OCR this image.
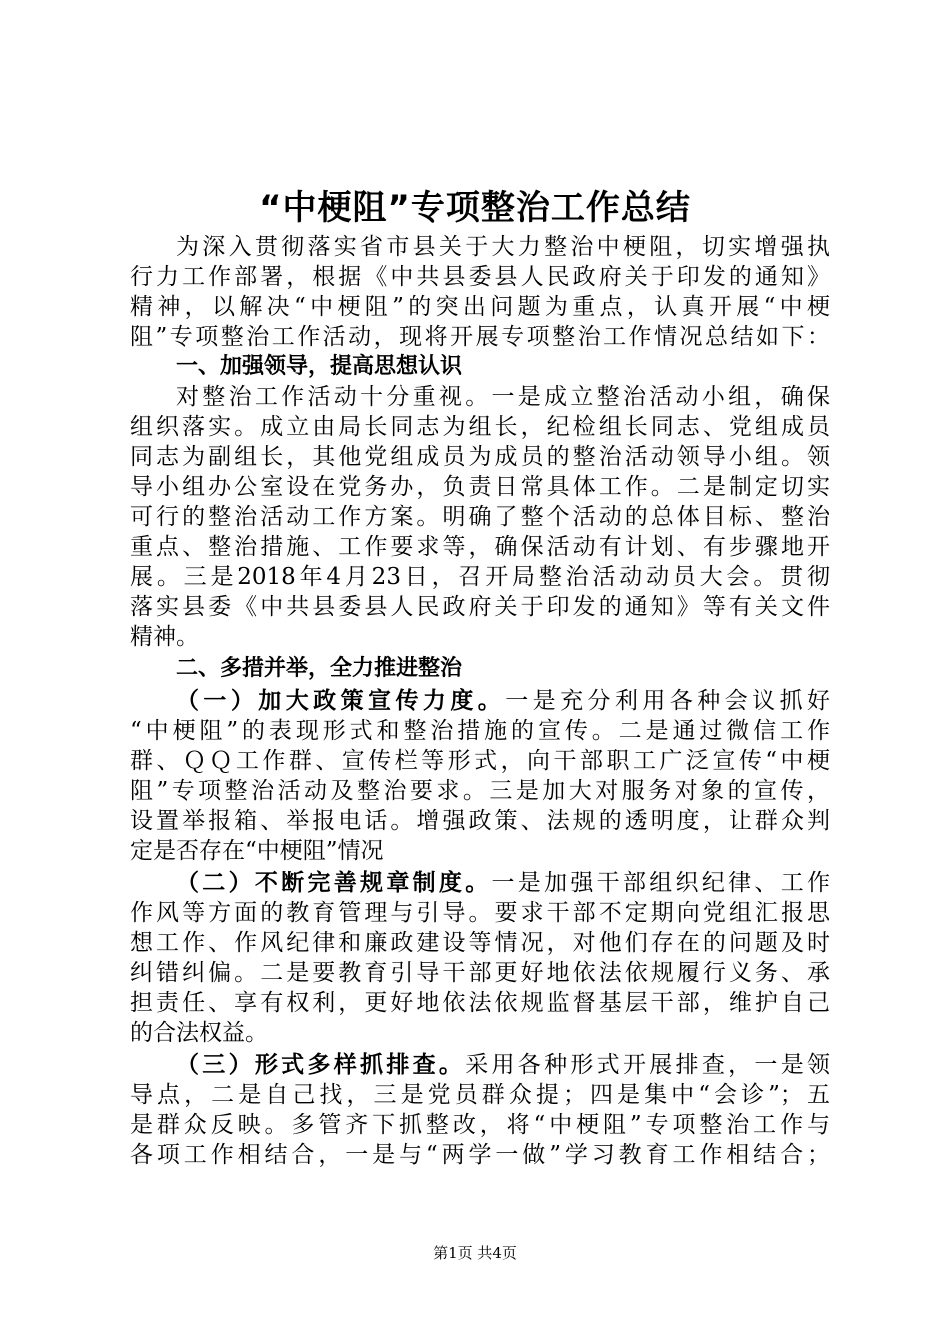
“中梗阻”专项整治工作总结
为深入贯彻落实省市县关于大力整治中梗阻，切实增强执
行力工作部署，根据《中共县委县人民政府关于印发的通知》
精神，以解决“中梗阻”的突出问题为重点，认真开展“中梗
阻”专项整治工作活动，现将开展专项整治工作情况总结如下：
一、加强领导，提高思想认识
对整治工作活动十分重视。一是成立整治活动小组，确保
组织落实。成立由局长同志为组长，纪检组长同志、党组成员
同志为副组长，其他党组成员为成员的整治活动领导小组。领
导小组办公室设在党务办，负责日常具体工作。二是制定切实
可行的整治活动工作方案。明确了整个活动的总体目标、整治
重点、整治措施、工作要求等，确保活动有计划、有步骤地开
展。三是2018年4月23日，召开局整治活动动员大会。贯彻
落实县委《中共县委县人民政府关于印发的通知》等有关文件
精神。
二、多措并举，全力推进整治
（一）加大政策宣传力度。一是充分利用各种会议抓好
“中梗阻”的表现形式和整治措施的宣传。二是通过微信工作
群、ＱＱ工作群、宣传栏等形式，向干部职工广泛宣传“中梗
阻”专项整治活动及整治要求。三是加大对服务对象的宣传，
设置举报箱、举报电话。增强政策、法规的透明度，让群众判
定是否存在“中梗阻”情况
（二）不断完善规章制度。一是加强干部组织纪律、工作
作风等方面的教育管理与引导。要求干部不定期向党组汇报思
想工作、作风纪律和廉政建设等情况，对他们存在的问题及时
纠错纠偏。二是要教育引导干部更好地依法依规履行义务、承
担责任、享有权利，更好地依法依规监督基层干部，维护自己
的合法权益。
（三）形式多样抓排查。采用各种形式开展排查，一是领
导点，二是自己找，三是党员群众提；四是集中“会诊”；五
是群众反映。多管齐下抓整改，将“中梗阻”专项整治工作与
各项工作相结合，一是与“两学一做”学习教育工作相结合；
第1页 共4页
